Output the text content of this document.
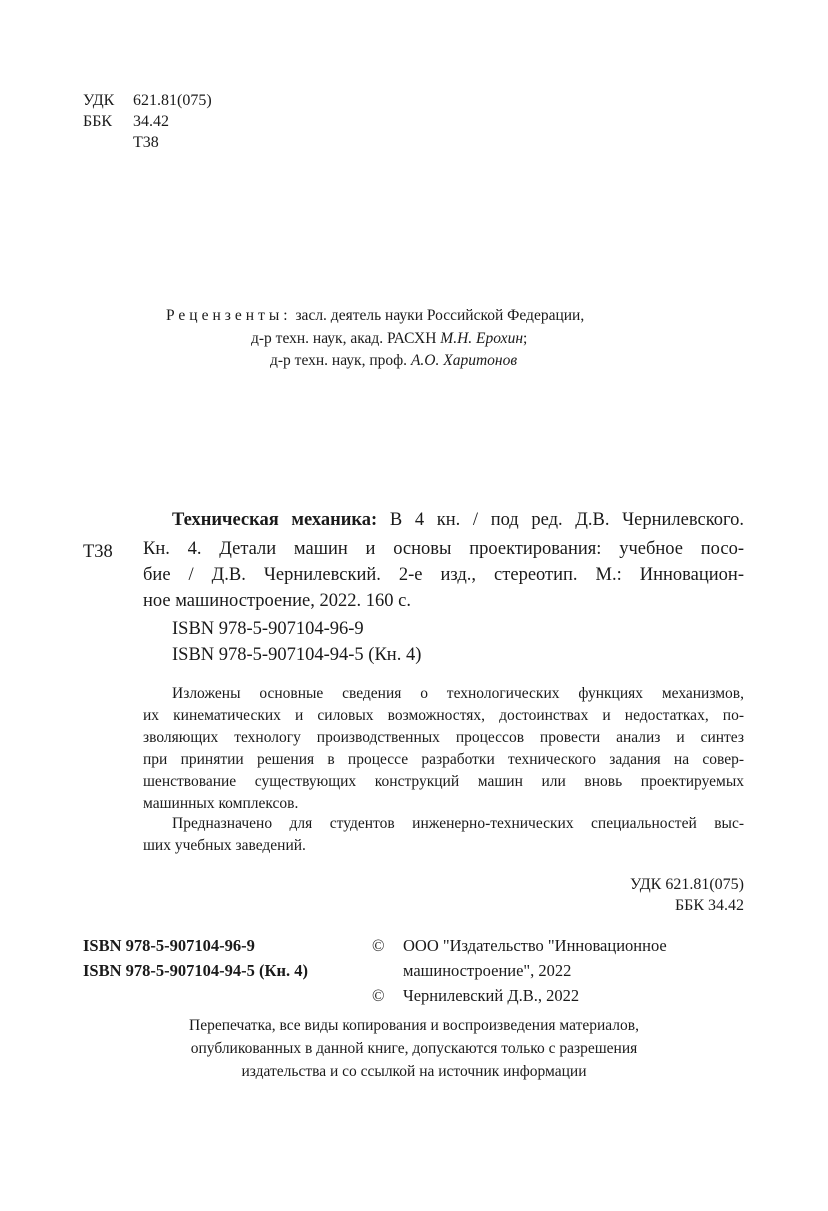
УДК 621.81(075)
ББК 34.42
Т38
Рецензенты: засл. деятель науки Российской Федерации,
д-р техн. наук, акад. РАСХН М.Н. Ерохин;
д-р техн. наук, проф. А.О. Харитонов
Техническая механика: В 4 кн. / под ред. Д.В. Чернилевского.
Т38 Кн. 4. Детали машин и основы проектирования: учебное посо-
бие / Д.В. Чернилевский. 2-е изд., стереотип. М.: Инновацион-
ное машиностроение, 2022. 160 с.
ISBN 978-5-907104-96-9
ISBN 978-5-907104-94-5 (Кн. 4)
Изложены основные сведения о технологических функциях механизмов,
их кинематических и силовых возможностях, достоинствах и недостатках, по-
зволяющих технологу производственных процессов провести анализ и синтез
при принятии решения в процессе разработки технического задания на совер-
шенствование существующих конструкций машин или вновь проектируемых
машинных комплексов.
Предназначено для студентов инженерно-технических специальностей выс-
ших учебных заведений.
УДК 621.81(075)
ББК 34.42
ISBN 978-5-907104-96-9
ISBN 978-5-907104-94-5 (Кн. 4)
© ООО "Издательство "Инновационное
машиностроение", 2022
© Чернилевский Д.В., 2022
Перепечатка, все виды копирования и воспроизведения материалов,
опубликованных в данной книге, допускаются только с разрешения
издательства и со ссылкой на источник информации
